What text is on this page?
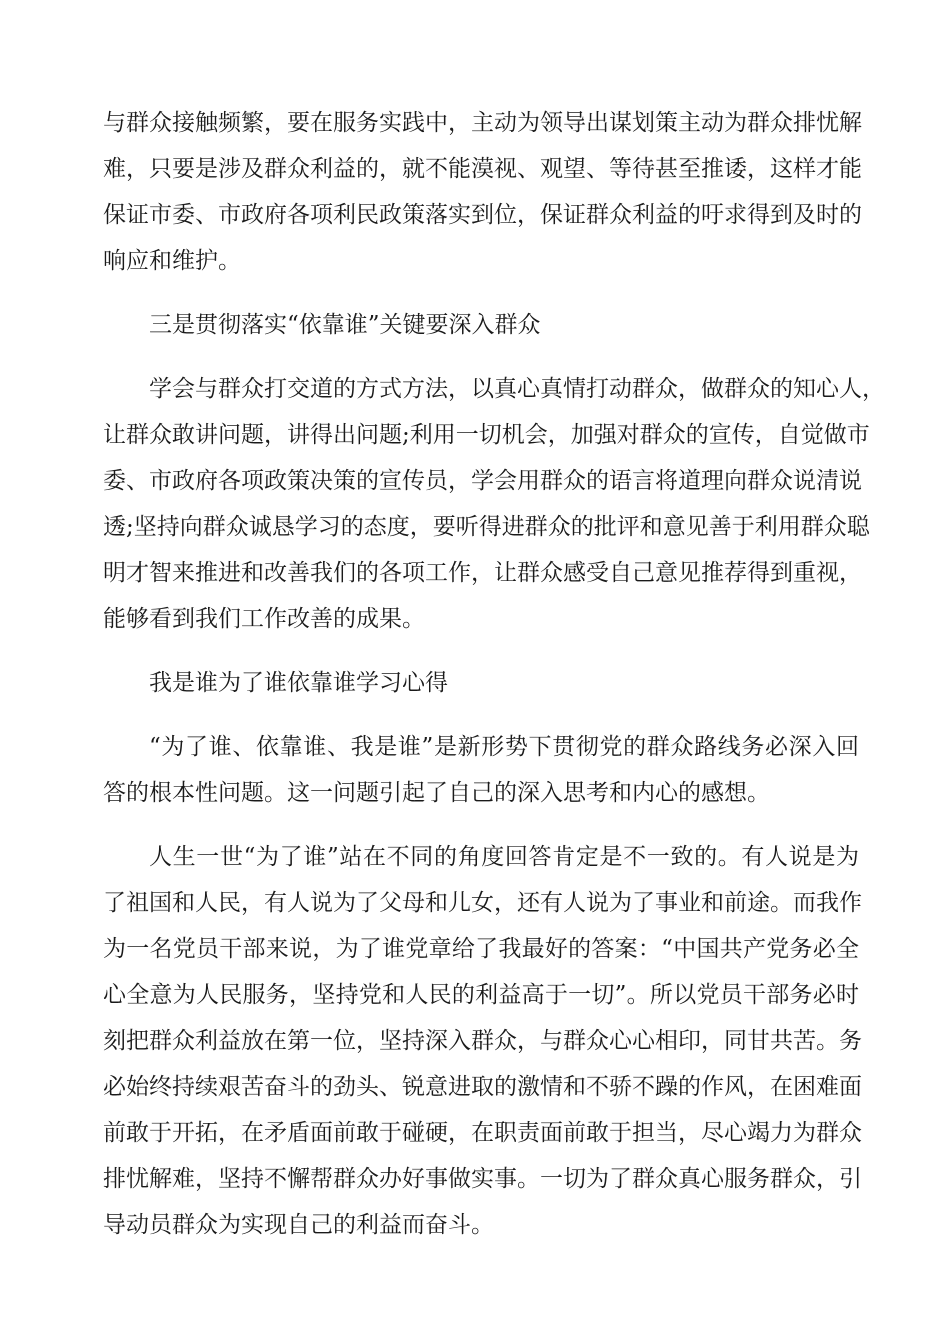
与群众接触频繁，要在服务实践中，主动为领导出谋划策主动为群众排忧解
难，只要是涉及群众利益的，就不能漠视、观望、等待甚至推诿，这样才能
保证市委、市政府各项利民政策落实到位，保证群众利益的吁求得到及时的
响应和维护。
三是贯彻落实“依靠谁”关键要深入群众
学会与群众打交道的方式方法，以真心真情打动群众，做群众的知心人，
让群众敢讲问题，讲得出问题;利用一切机会，加强对群众的宣传，自觉做市
委、市政府各项政策决策的宣传员，学会用群众的语言将道理向群众说清说
透;坚持向群众诚恳学习的态度，要听得进群众的批评和意见善于利用群众聪
明才智来推进和改善我们的各项工作，让群众感受自己意见推荐得到重视，
能够看到我们工作改善的成果。
我是谁为了谁依靠谁学习心得
“为了谁、依靠谁、我是谁”是新形势下贯彻党的群众路线务必深入回
答的根本性问题。这一问题引起了自己的深入思考和内心的感想。
人生一世“为了谁”站在不同的角度回答肯定是不一致的。有人说是为
了祖国和人民，有人说为了父母和儿女，还有人说为了事业和前途。而我作
为一名党员干部来说，为了谁党章给了我最好的答案：“中国共产党务必全
心全意为人民服务，坚持党和人民的利益高于一切”。所以党员干部务必时
刻把群众利益放在第一位，坚持深入群众，与群众心心相印，同甘共苦。务
必始终持续艰苦奋斗的劲头、锐意进取的激情和不骄不躁的作风，在困难面
前敢于开拓，在矛盾面前敢于碰硬，在职责面前敢于担当，尽心竭力为群众
排忧解难，坚持不懈帮群众办好事做实事。一切为了群众真心服务群众，引
导动员群众为实现自己的利益而奋斗。
